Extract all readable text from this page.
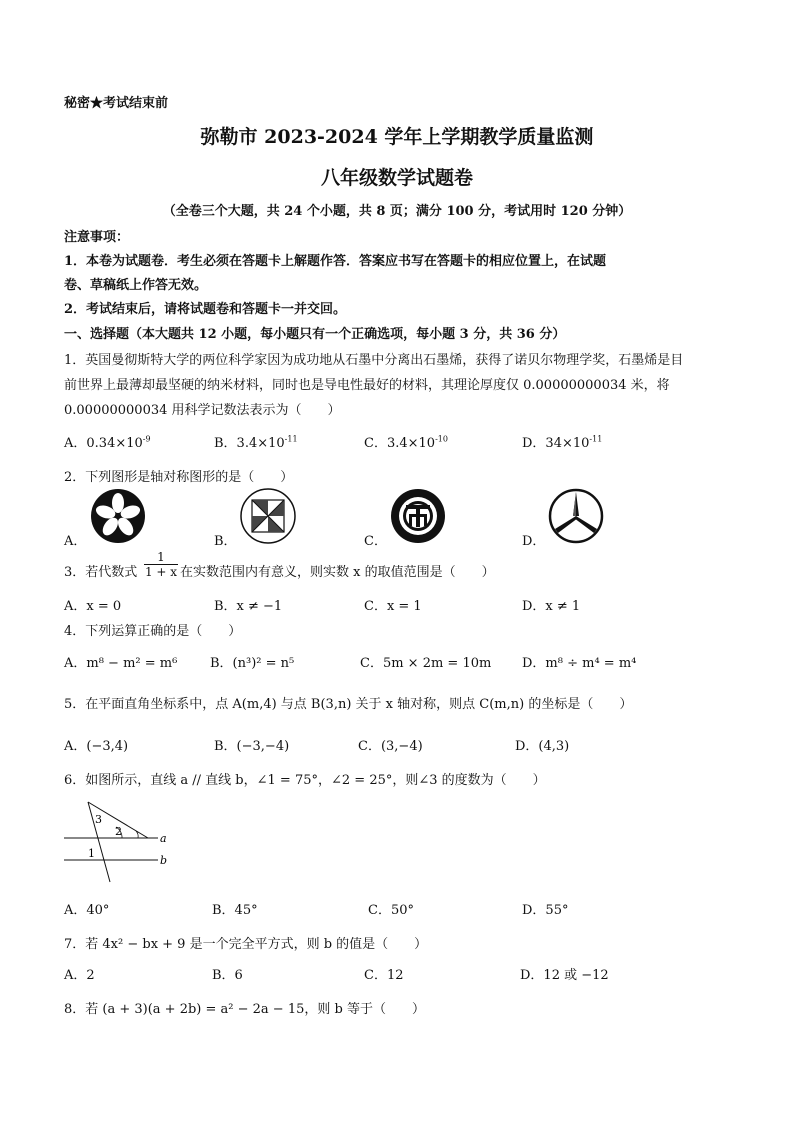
秘密★考试结束前
弥勒市 2023-2024 学年上学期教学质量监测
八年级数学试题卷
（全卷三个大题，共 24 个小题，共 8 页；满分 100 分，考试用时 120 分钟）
注意事项：
1．本卷为试题卷．考生必须在答题卡上解题作答．答案应书写在答题卡的相应位置上，在试题
卷、草稿纸上作答无效。
2．考试结束后，请将试题卷和答题卡一并交回。
一、选择题（本大题共 12 小题，每小题只有一个正确选项，每小题 3 分，共 36 分）
1．英国曼彻斯特大学的两位科学家因为成功地从石墨中分离出石墨烯，获得了诺贝尔物理学奖，石墨烯是目
前世界上最薄却最坚硬的纳米材料，同时也是导电性最好的材料，其理论厚度仅 0.00000000034 米，将
0.00000000034 用科学记数法表示为（　　）
A．$0.34\times 10^{-9}$	B．$3.4\times 10^{-11}$	C．$3.4\times 10^{-10}$	D．$34\times 10^{-11}$
2．下列图形是轴对称图形的是（　　）
A．	B．	C．	D．
3．若代数式 $\frac{1}{1 + x}$ 在实数范围内有意义，则实数 x 的取值范围是（　　）
A．x = 0	B．x ≠ −1	C．x = 1	D．x ≠ 1
4．下列运算正确的是（　　）
A．m⁸ − m² = m⁶	B．(n³)² = n⁵	C．5m × 2m = 10m D．m⁸ ÷ m⁴ = m⁴
5．在平面直角坐标系中，点 A(m,4) 与点 B(3,n) 关于 x 轴对称，则点 C(m,n) 的坐标是（　　）
A．(−3,4)	B．(−3,−4)	C．(3,−4)	D．(4,3)
6．如图所示，直线 a // 直线 b，∠1 = 75°，∠2 = 25°，则∠3 的度数为（　　）
3
2
1
a
b
A．40°	B．45°	C．50°	D．55°
7．若 4x² − bx + 9 是一个完全平方式，则 b 的值是（　　）
A．2	B．6	C．12	D．12 或 −12
8．若 (a + 3)(a + 2b) = a² − 2a − 15，则 b 等于（　　）
